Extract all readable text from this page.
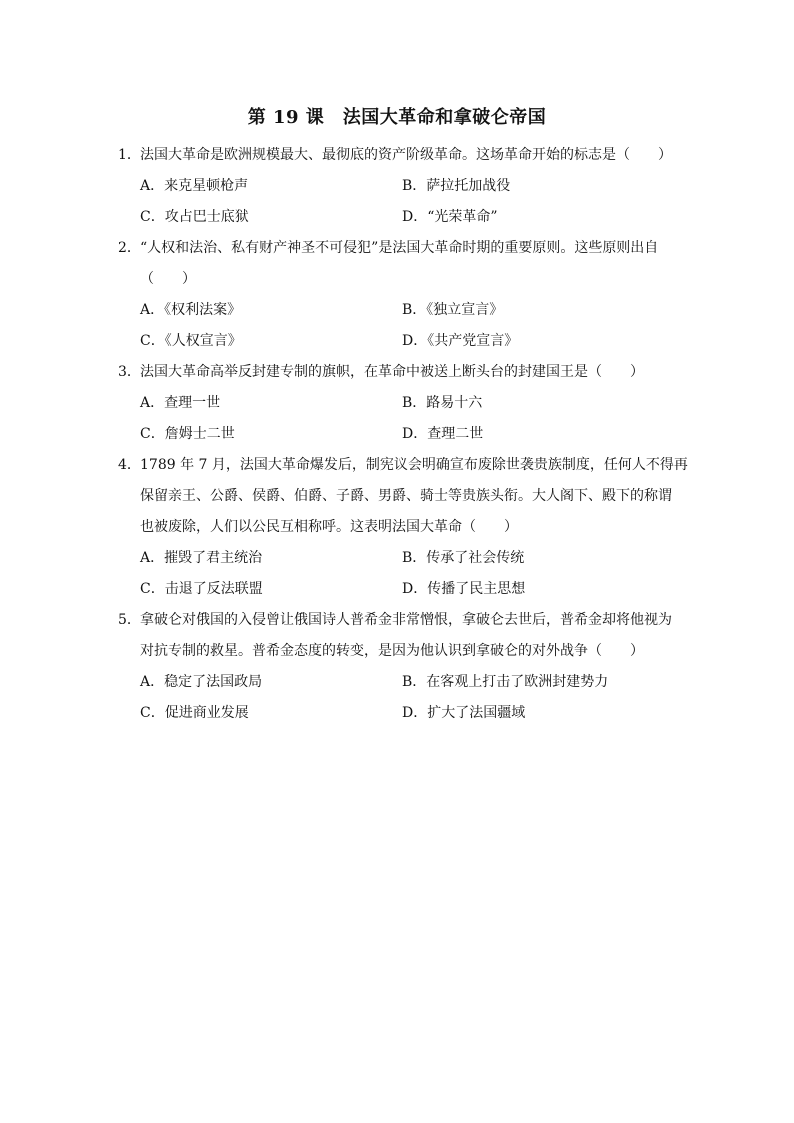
第 19 课　法国大革命和拿破仑帝国
1． 法国大革命是欧洲规模最大、最彻底的资产阶级革命。这场革命开始的标志是（　　）
A．来克星顿枪声	B．萨拉托加战役
C．攻占巴士底狱	D．“光荣革命”
2． “人权和法治、私有财产神圣不可侵犯”是法国大革命时期的重要原则。这些原则出自
（　　）
A．《权利法案》	B．《独立宣言》
C．《人权宣言》	D．《共产党宣言》
3． 法国大革命高举反封建专制的旗帜，在革命中被送上断头台的封建国王是（　　）
A．查理一世	B．路易十六
C．詹姆士二世	D．查理二世
4． 1789 年 7 月，法国大革命爆发后，制宪议会明确宣布废除世袭贵族制度，任何人不得再
保留亲王、公爵、侯爵、伯爵、子爵、男爵、骑士等贵族头衔。大人阁下、殿下的称谓
也被废除，人们以公民互相称呼。这表明法国大革命（　　）
A．摧毁了君主统治	B．传承了社会传统
C．击退了反法联盟	D．传播了民主思想
5． 拿破仑对俄国的入侵曾让俄国诗人普希金非常憎恨，拿破仑去世后，普希金却将他视为
对抗专制的救星。普希金态度的转变，是因为他认识到拿破仑的对外战争（　　）
A．稳定了法国政局	B．在客观上打击了欧洲封建势力
C．促进商业发展	D．扩大了法国疆域
